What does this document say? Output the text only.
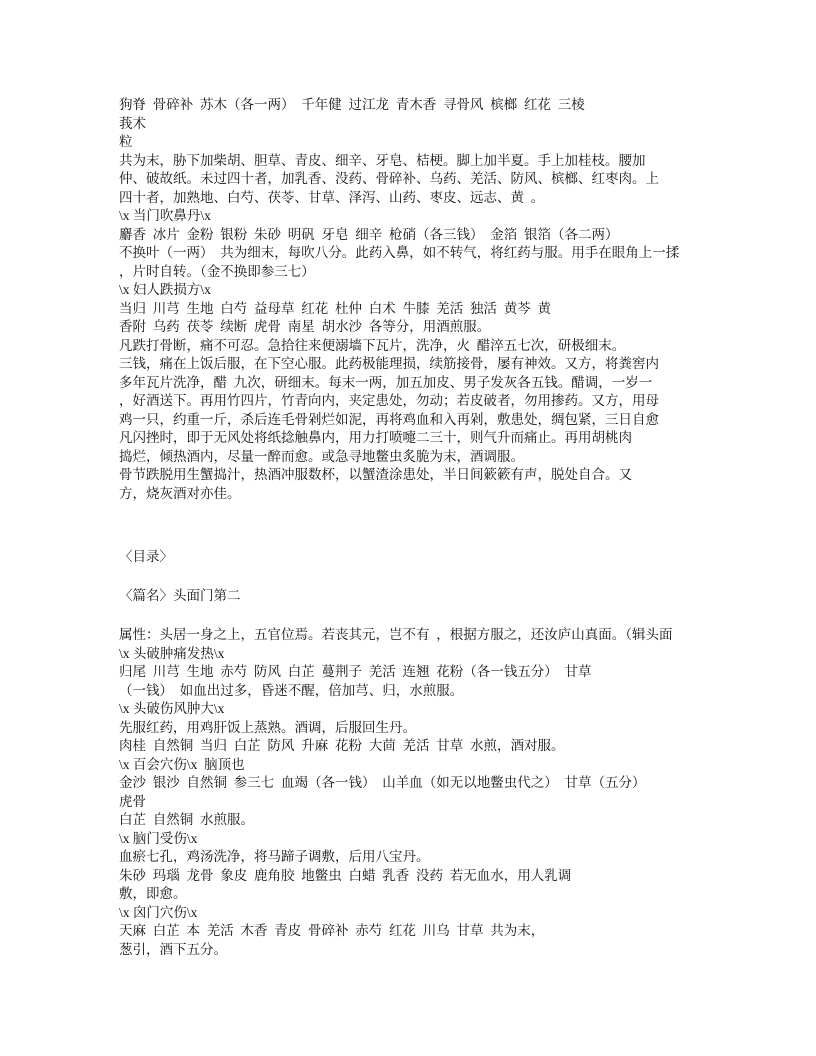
狗脊  骨碎补  苏木（各一两）  千年健  过江龙  青木香  寻骨风  槟榔  红花  三棱
莪术
粒
共为末，胁下加柴胡、胆草、青皮、细辛、牙皂、桔梗。脚上加半夏。手上加桂枝。腰加
仲、破故纸。未过四十者，加乳香、没药、骨碎补、乌药、羌活、防风、槟榔、红枣肉。上
四十者，加熟地、白芍、茯苓、甘草、泽泻、山药、枣皮、远志、黄  。
\x 当门吹鼻丹\x
麝香  冰片  金粉  银粉  朱砂  明矾  牙皂  细辛  枪硝（各三钱）  金箔  银箔（各二两）
不换叶（一两）  共为细末，每吹八分。此药入鼻，如不转气，将红药与服。用手在眼角上一揉
，片时自转。（金不换即参三七）
\x 妇人跌损方\x
当归  川芎  生地  白芍  益母草  红花  杜仲  白术  牛膝  羌活  独活  黄芩  黄
香附  乌药  茯苓  续断  虎骨  南星  胡水沙  各等分，用酒煎服。
凡跌打骨断，痛不可忍。急拾往来便溺墙下瓦片，洗净，火  醋淬五七次，研极细末。
三钱，痛在上饭后服，在下空心服。此药极能理损，续筋接骨，屡有神效。又方，将粪窖内
多年瓦片洗净，醋  九次，研细末。每末一两，加五加皮、男子发灰各五钱。醋调，一岁一
，好酒送下。再用竹四片，竹青向内，夹定患处，勿动；若皮破者，勿用掺药。又方，用母
鸡一只，约重一斤，杀后连毛骨剁烂如泥，再将鸡血和入再剁，敷患处，绸包紧，三日自愈
凡闪挫时，即于无风处将纸捻触鼻内，用力打喷嚏二三十，则气升而痛止。再用胡桃肉
捣烂，倾热酒内，尽量一醉而愈。或急寻地鳖虫炙脆为末，酒调服。
骨节跌脱用生蟹捣汁，热酒冲服数杯，以蟹渣涂患处，半日间簌簌有声，脱处自合。又
方，烧灰酒对亦佳。
〈目录〉
〈篇名〉头面门第二
属性：头居一身之上，五官位焉。若丧其元，岂不有  ，根据方服之，还汝庐山真面。（辑头面
\x 头破肿痛发热\x
归尾  川芎  生地  赤芍  防风  白芷  蔓荆子  羌活  连翘  花粉（各一钱五分）  甘草
（一钱）  如血出过多，昏迷不醒，倍加芎、归，水煎服。
\x 头破伤风肿大\x
先服红药，用鸡肝饭上蒸熟。酒调，后服回生丹。
肉桂  自然铜  当归  白芷  防风  升麻  花粉  大茴  羌活  甘草  水煎，酒对服。
\x 百会穴伤\x  脑顶也
金沙  银沙  自然铜  参三七  血竭（各一钱）  山羊血（如无以地鳖虫代之）  甘草（五分）
虎骨
白芷  自然铜  水煎服。
\x 脑门受伤\x
血瘀七孔，鸡汤洗净，将马蹄子调敷，后用八宝丹。
朱砂  玛瑙  龙骨  象皮  鹿角胶  地鳖虫  白蜡  乳香  没药  若无血水，用人乳调
敷，即愈。
\x 囟门穴伤\x
天麻  白芷  本  羌活  木香  青皮  骨碎补  赤芍  红花  川乌  甘草  共为末，
葱引，酒下五分。
